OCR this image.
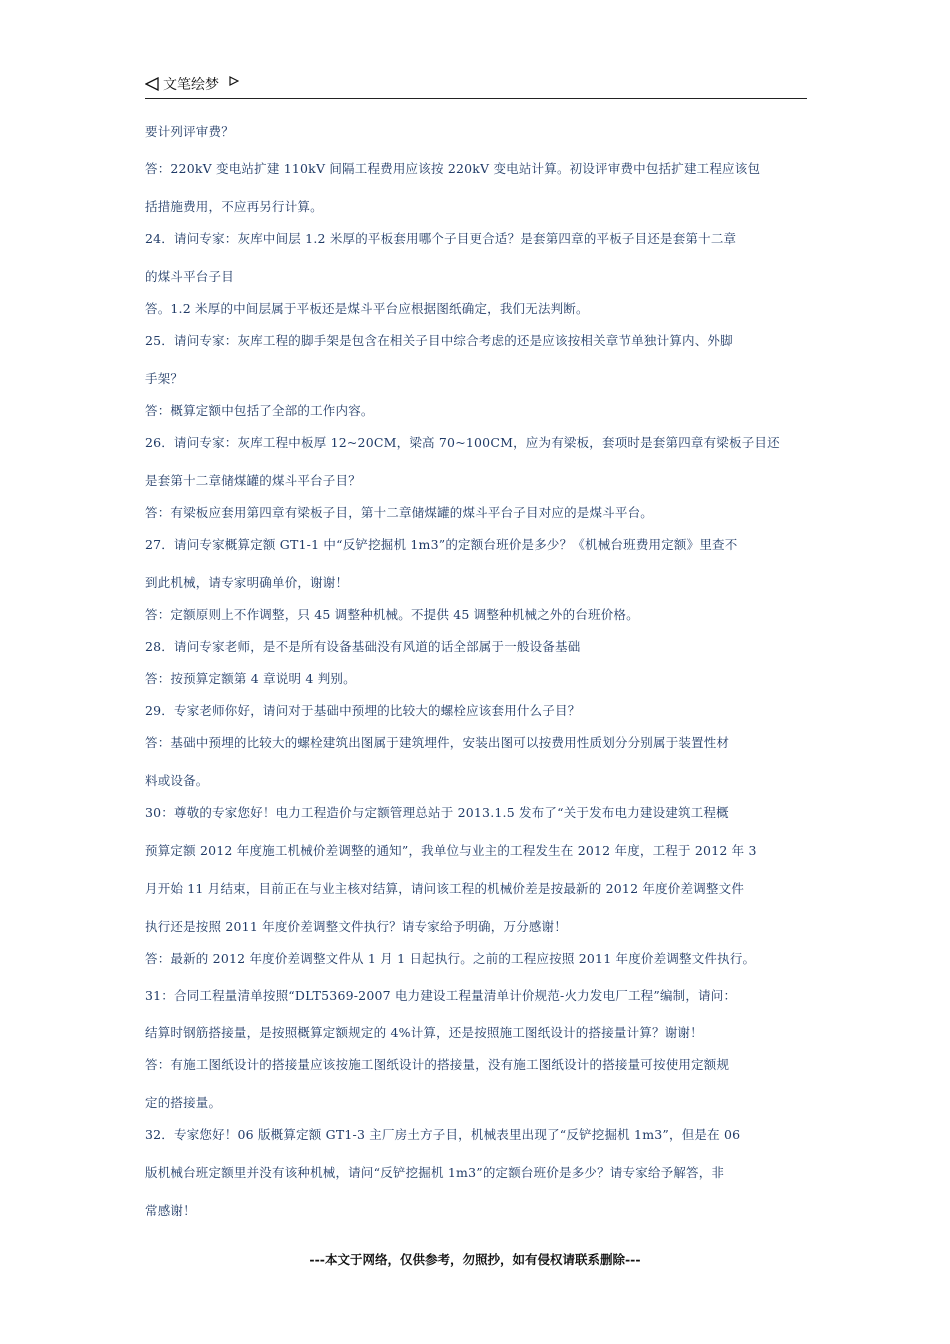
文笔绘梦
要计列评审费？
答：220kV 变电站扩建 110kV 间隔工程费用应该按 220kV 变电站计算。初设评审费中包括扩建工程应该包
括措施费用，不应再另行计算。
24．请问专家：灰库中间层 1.2 米厚的平板套用哪个子目更合适？是套第四章的平板子目还是套第十二章
的煤斗平台子目
答。1.2 米厚的中间层属于平板还是煤斗平台应根据图纸确定，我们无法判断。
25．请问专家：灰库工程的脚手架是包含在相关子目中综合考虑的还是应该按相关章节单独计算内、外脚
手架？
答：概算定额中包括了全部的工作内容。
26．请问专家：灰库工程中板厚 12~20CM，梁高 70~100CM，应为有梁板，套项时是套第四章有梁板子目还
是套第十二章储煤罐的煤斗平台子目？
答：有梁板应套用第四章有梁板子目，第十二章储煤罐的煤斗平台子目对应的是煤斗平台。
27．请问专家概算定额 GT1-1 中“反铲挖掘机 1m3”的定额台班价是多少？《机械台班费用定额》里查不
到此机械，请专家明确单价，谢谢！
答：定额原则上不作调整，只 45 调整种机械。不提供 45 调整种机械之外的台班价格。
28．请问专家老师，是不是所有设备基础没有风道的话全部属于一般设备基础
答：按预算定额第 4 章说明 4 判别。
29．专家老师你好，请问对于基础中预埋的比较大的螺栓应该套用什么子目？
答：基础中预埋的比较大的螺栓建筑出图属于建筑埋件，安装出图可以按费用性质划分分别属于装置性材
料或设备。
30：尊敬的专家您好！电力工程造价与定额管理总站于 2013.1.5 发布了“关于发布电力建设建筑工程概
预算定额 2012 年度施工机械价差调整的通知”，我单位与业主的工程发生在 2012 年度，工程于 2012 年 3
月开始 11 月结束，目前正在与业主核对结算，请问该工程的机械价差是按最新的 2012 年度价差调整文件
执行还是按照 2011 年度价差调整文件执行？请专家给予明确，万分感谢！
答：最新的 2012 年度价差调整文件从 1 月 1 日起执行。之前的工程应按照 2011 年度价差调整文件执行。
31：合同工程量清单按照“DLT5369-2007 电力建设工程量清单计价规范-火力发电厂工程”编制，请问：
结算时钢筋搭接量，是按照概算定额规定的 4%计算，还是按照施工图纸设计的搭接量计算？谢谢！
答：有施工图纸设计的搭接量应该按施工图纸设计的搭接量，没有施工图纸设计的搭接量可按使用定额规
定的搭接量。
32．专家您好！06 版概算定额 GT1-3 主厂房土方子目，机械表里出现了“反铲挖掘机 1m3”，但是在 06
版机械台班定额里并没有该种机械，请问“反铲挖掘机 1m3”的定额台班价是多少？请专家给予解答，非
常感谢！
---本文于网络，仅供参考，勿照抄，如有侵权请联系删除---
